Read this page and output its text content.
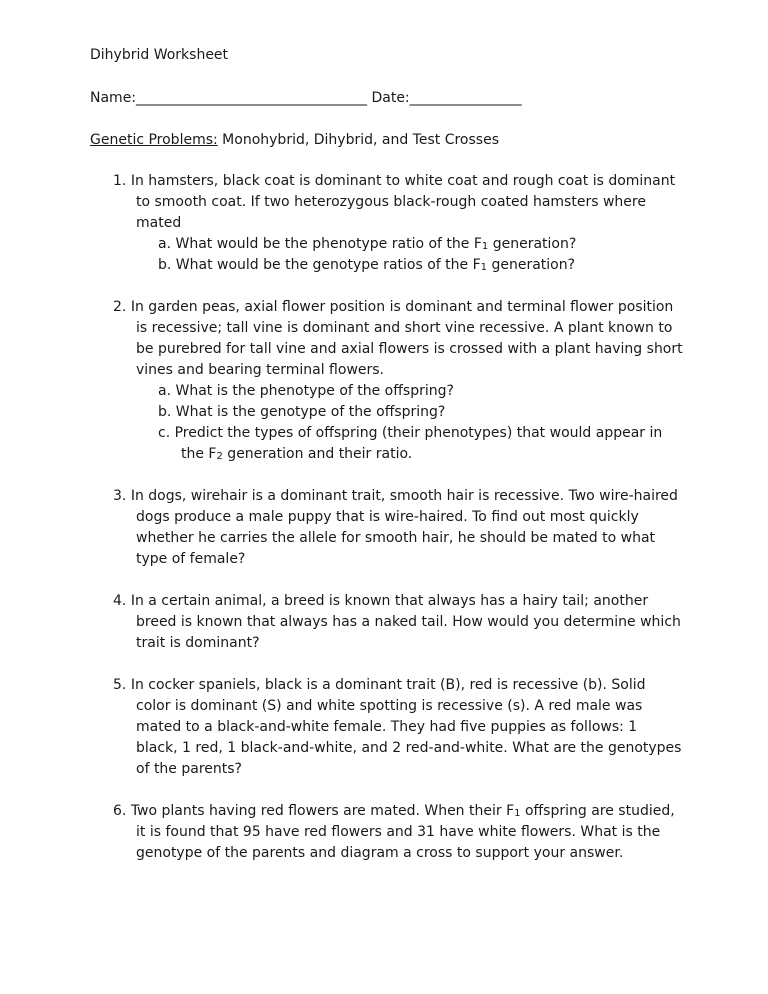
Dihybrid Worksheet
Name:_________________________________ Date:________________
Genetic Problems: Monohybrid, Dihybrid, and Test Crosses
1. In hamsters, black coat is dominant to white coat and rough coat is dominant to smooth coat. If two heterozygous black-rough coated hamsters where mated
a. What would be the phenotype ratio of the $F_1$ generation?
b. What would be the genotype ratios of the $F_1$ generation?
2. In garden peas, axial flower position is dominant and terminal flower position is recessive; tall vine is dominant and short vine recessive. A plant known to be purebred for tall vine and axial flowers is crossed with a plant having short vines and bearing terminal flowers.
a. What is the phenotype of the offspring?
b. What is the genotype of the offspring?
c. Predict the types of offspring (their phenotypes) that would appear in the $F_2$ generation and their ratio.
3. In dogs, wirehair is a dominant trait, smooth hair is recessive. Two wire-haired dogs produce a male puppy that is wire-haired. To find out most quickly whether he carries the allele for smooth hair, he should be mated to what type of female?
4. In a certain animal, a breed is known that always has a hairy tail; another breed is known that always has a naked tail. How would you determine which trait is dominant?
5. In cocker spaniels, black is a dominant trait (B), red is recessive (b). Solid color is dominant (S) and white spotting is recessive (s). A red male was mated to a black-and-white female. They had five puppies as follows: 1 black, 1 red, 1 black-and-white, and 2 red-and-white. What are the genotypes of the parents?
6. Two plants having red flowers are mated. When their $F_1$ offspring are studied, it is found that 95 have red flowers and 31 have white flowers. What is the genotype of the parents and diagram a cross to support your answer.
